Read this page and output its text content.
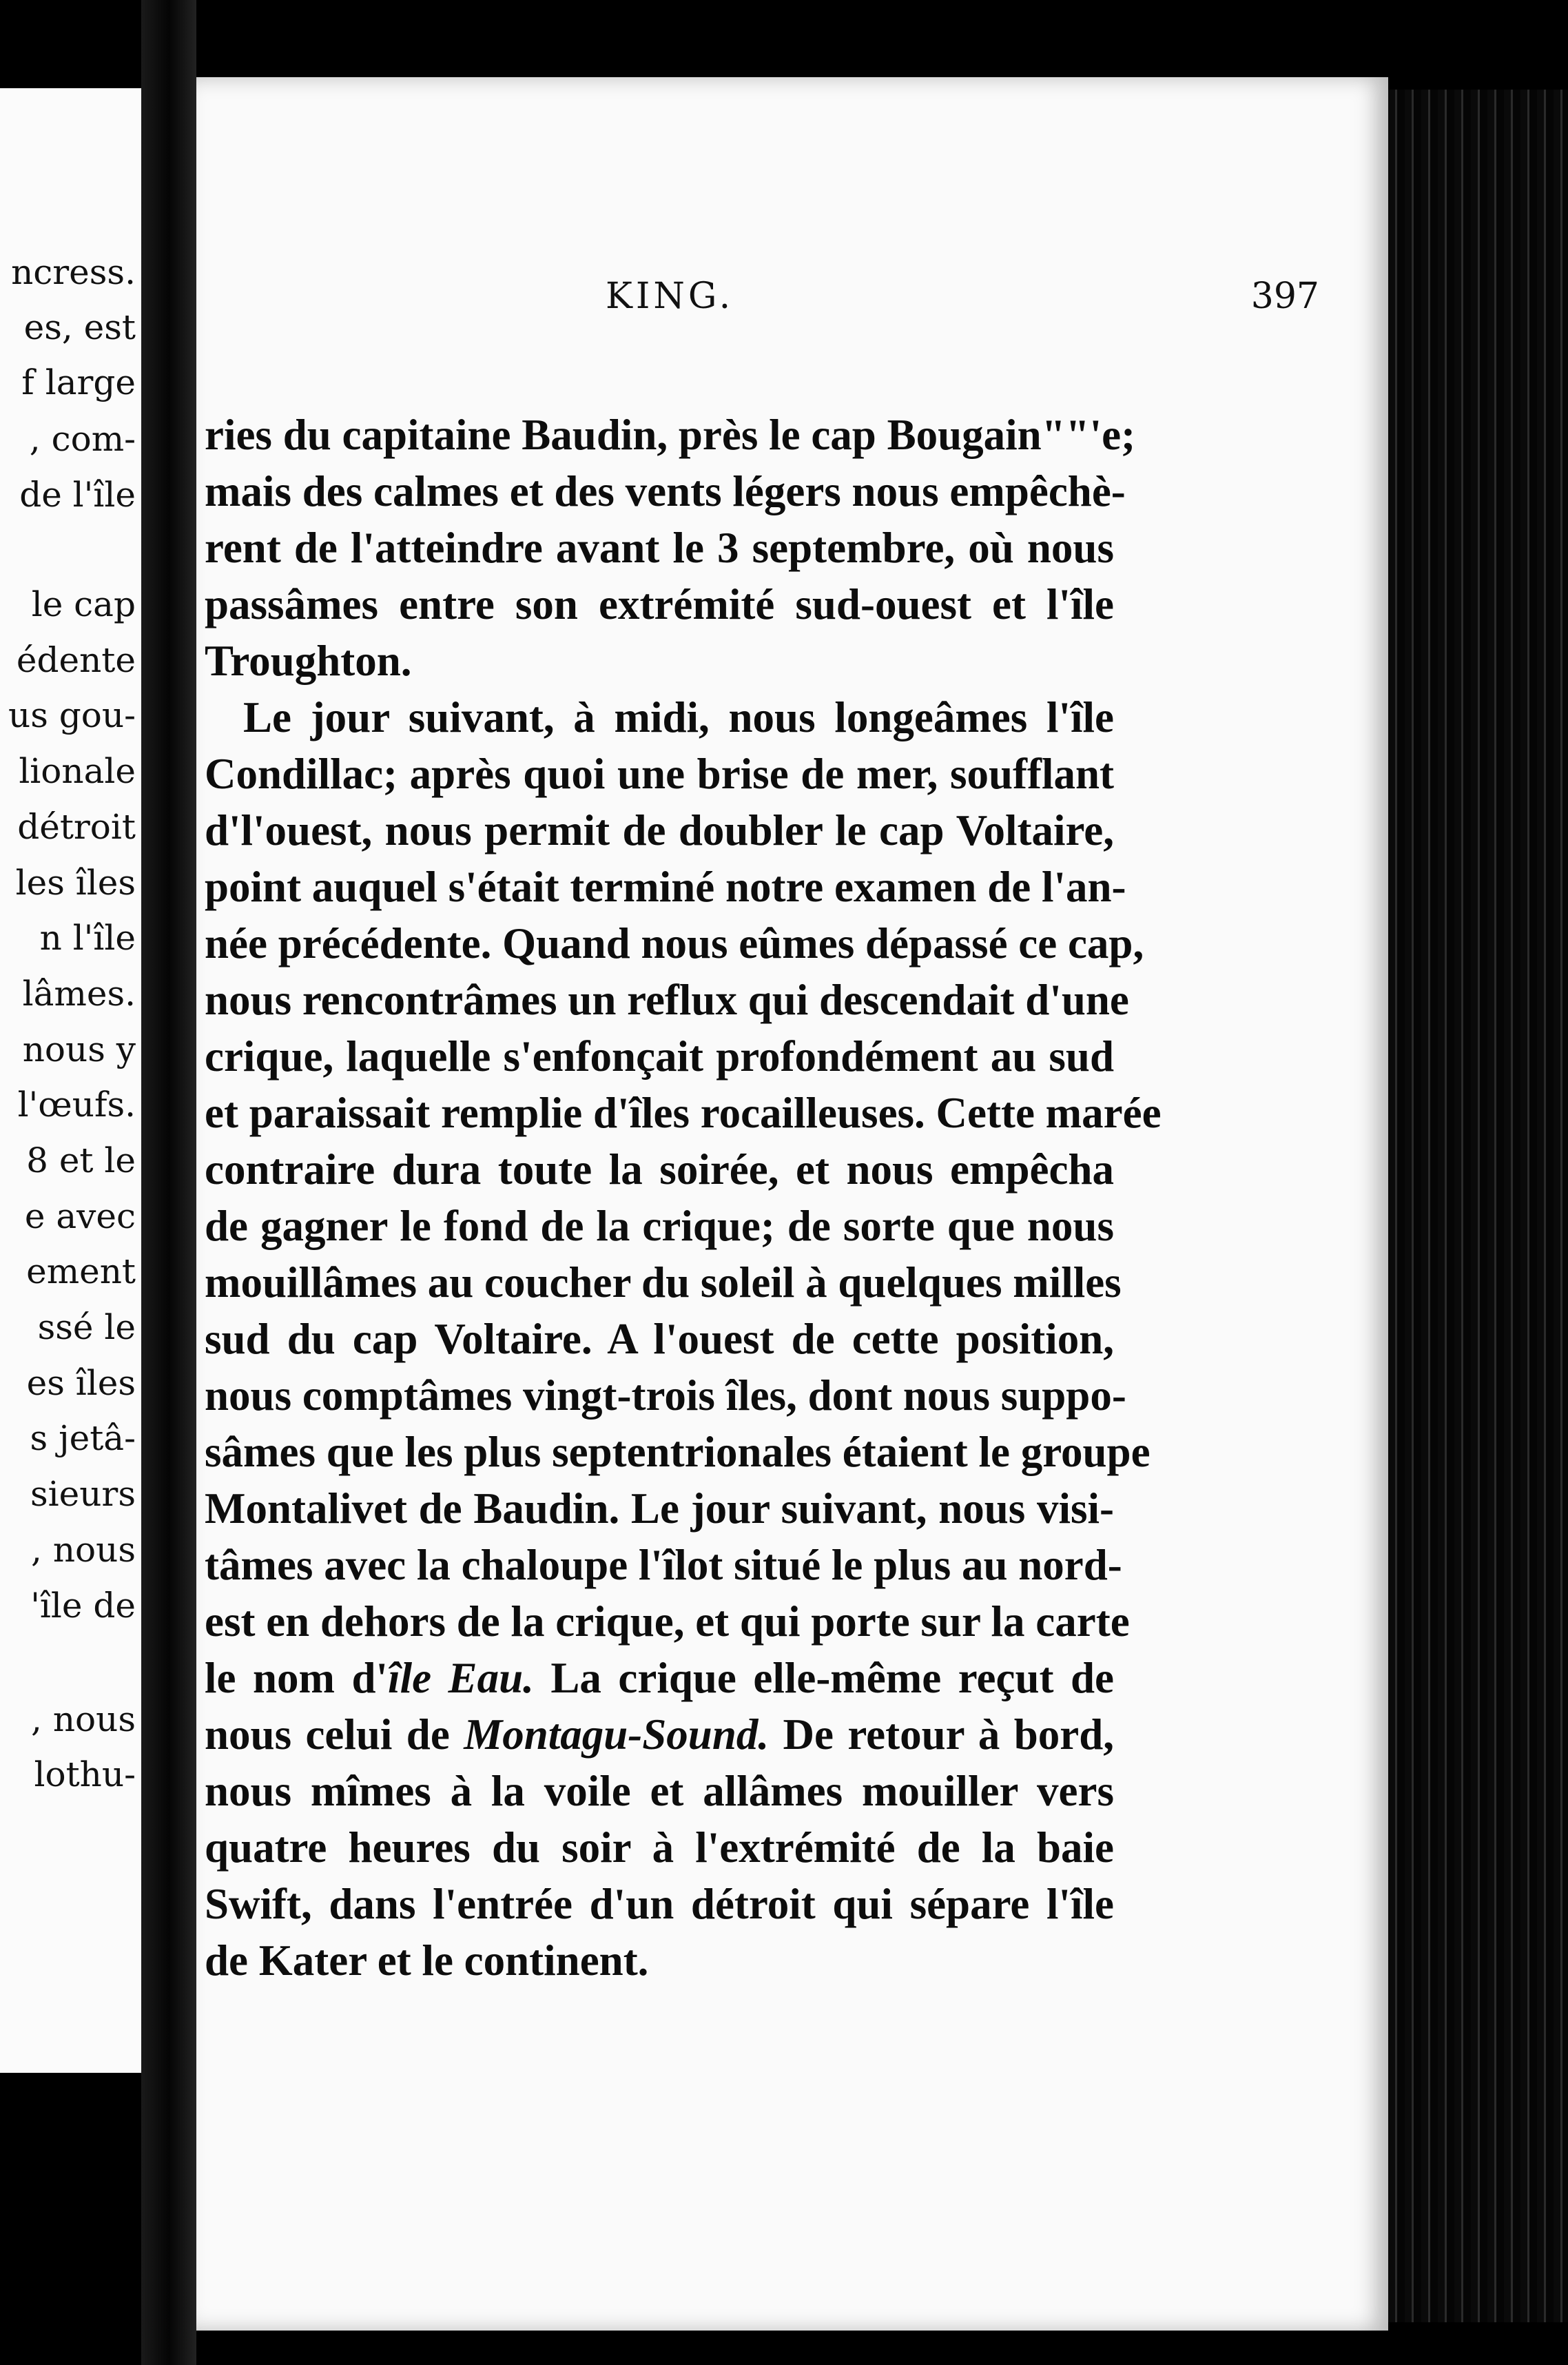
ncress.
es, est
f large
, com-
de l'île
le cap
édente
us gou-
lionale
détroit
les îles
n l'île
lâmes.
nous y
l'œufs.
8 et le
e avec
ement
ssé le
es îles
s jetâ-
sieurs
, nous
'île de
, nous
lothu-
KING.	397
ries du capitaine Baudin, près le cap Bougain""'e;
mais des calmes et des vents légers nous empêchè-
rent de l'atteindre avant le 3 septembre, où nous
passâmes entre son extrémité sud-ouest et l'île
Troughton.
Le jour suivant, à midi, nous longeâmes l'île
Condillac; après quoi une brise de mer, soufflant
d'l'ouest, nous permit de doubler le cap Voltaire,
point auquel s'était terminé notre examen de l'an-
née précédente. Quand nous eûmes dépassé ce cap,
nous rencontrâmes un reflux qui descendait d'une
crique, laquelle s'enfonçait profondément au sud
et paraissait remplie d'îles rocailleuses. Cette marée
contraire dura toute la soirée, et nous empêcha
de gagner le fond de la crique; de sorte que nous
mouillâmes au coucher du soleil à quelques milles
sud du cap Voltaire. A l'ouest de cette position,
nous comptâmes vingt-trois îles, dont nous suppo-
sâmes que les plus septentrionales étaient le groupe
Montalivet de Baudin. Le jour suivant, nous visi-
tâmes avec la chaloupe l'îlot situé le plus au nord-
est en dehors de la crique, et qui porte sur la carte
le nom d'île Eau. La crique elle-même reçut de
nous celui de Montagu-Sound. De retour à bord,
nous mîmes à la voile et allâmes mouiller vers
quatre heures du soir à l'extrémité de la baie
Swift, dans l'entrée d'un détroit qui sépare l'île
de Kater et le continent.
